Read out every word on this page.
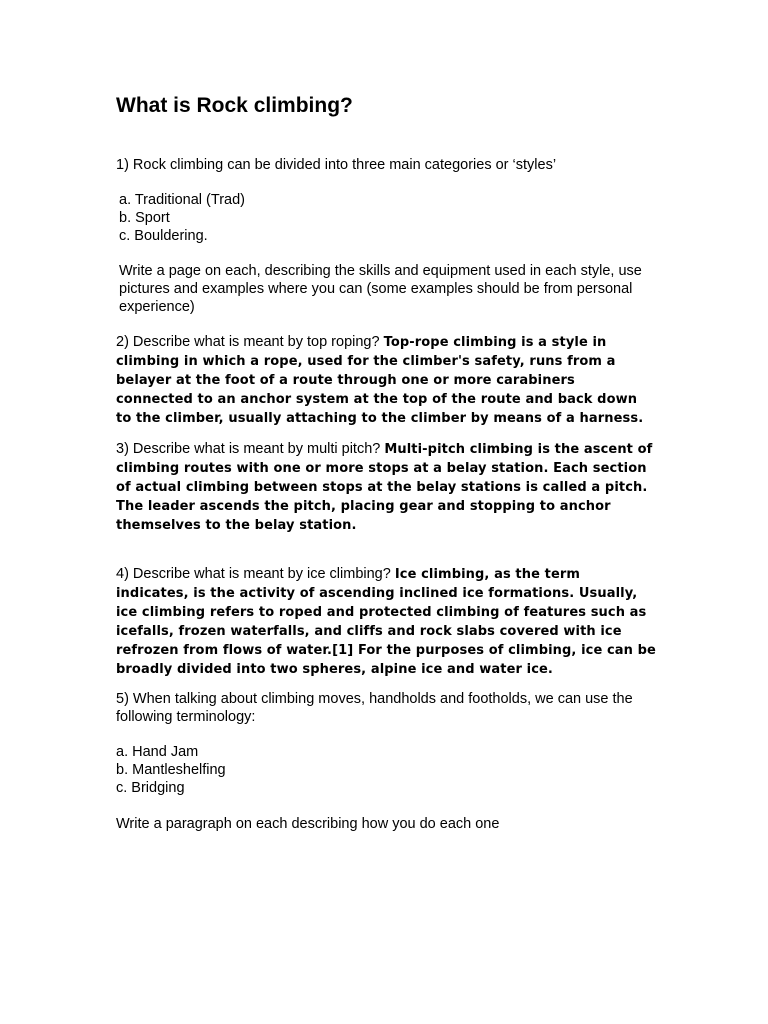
What is Rock climbing?

1) Rock climbing can be divided into three main categories or ‘styles’

a. Traditional (Trad)
b. Sport
c. Bouldering.

Write a page on each, describing the skills and equipment used in each style, use pictures and examples where you can (some examples should be from personal experience)

2) Describe what is meant by top roping? Top-rope climbing is a style in climbing in which a rope, used for the climber's safety, runs from a belayer at the foot of a route through one or more carabiners connected to an anchor system at the top of the route and back down to the climber, usually attaching to the climber by means of a harness.

3) Describe what is meant by multi pitch? Multi-pitch climbing is the ascent of climbing routes with one or more stops at a belay station. Each section of actual climbing between stops at the belay stations is called a pitch. The leader ascends the pitch, placing gear and stopping to anchor themselves to the belay station.

4) Describe what is meant by ice climbing? Ice climbing, as the term indicates, is the activity of ascending inclined ice formations. Usually, ice climbing refers to roped and protected climbing of features such as icefalls, frozen waterfalls, and cliffs and rock slabs covered with ice refrozen from flows of water.[1] For the purposes of climbing, ice can be broadly divided into two spheres, alpine ice and water ice.

5) When talking about climbing moves, handholds and footholds, we can use the following terminology:

a. Hand Jam
b. Mantleshelfing
c. Bridging

Write a paragraph on each describing how you do each one
